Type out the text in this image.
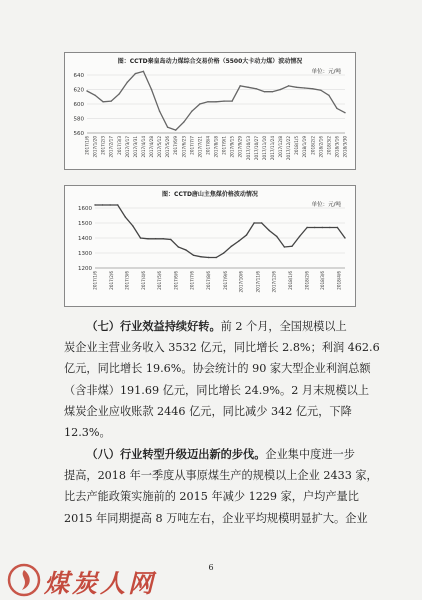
图：CCTD秦皇岛动力煤综合交易价格（5500大卡动力煤）波动情况
单位：元/吨
560
580
600
620
640
2017/1/6 2017/1/20 2017/2/3 2017/2/17 2017/3/3 2017/3/17 2017/3/31 2017/4/14 2017/4/28 2017/5/12 2017/5/26 2017/6/9 2017/6/23 2017/7/7 2017/7/21 2017/8/4 2017/8/18 2017/9/1 2017/9/15 2017/9/29 2017/10/13 2017/10/27 2017/11/10 2017/11/24 2017/12/8 2017/12/22 2018/1/5 2018/1/19 2018/2/2 2018/2/16 2018/3/2 2018/3/16 2018/3/30
图：CCTD唐山主焦煤价格波动情况
单位：元/吨
1200
1300
1400
1500
1600
2017/1/6	2017/2/6 2017/3/6	2017/4/6	2017/5/6	2017/6/6	2017/7/6	2017/8/6	2017/9/6	2017/10/6	2017/11/6	2017/12/6	2018/1/6	2018/2/6 2018/3/6	2018/4/6
  （七）行业效益持续好转。前 2 个月，全国规模以上
炭企业主营业务收入 3532 亿元，同比增长 2.8%；利润 462.6
亿元，同比增长 19.6%。协会统计的 90 家大型企业利润总额
（含非煤）191.69 亿元，同比增长 24.9%。2 月末规模以上
煤炭企业应收账款 2446 亿元，同比减少 342 亿元，下降
12.3%。
  （八）行业转型升级迈出新的步伐。企业集中度进一步
提高，2018 年一季度从事原煤生产的规模以上企业 2433 家，
比去产能政策实施前的 2015 年减少 1229 家，户均产量比
2015 年同期提高 8 万吨左右，企业平均规模明显扩大。企业
6
煤炭人网
